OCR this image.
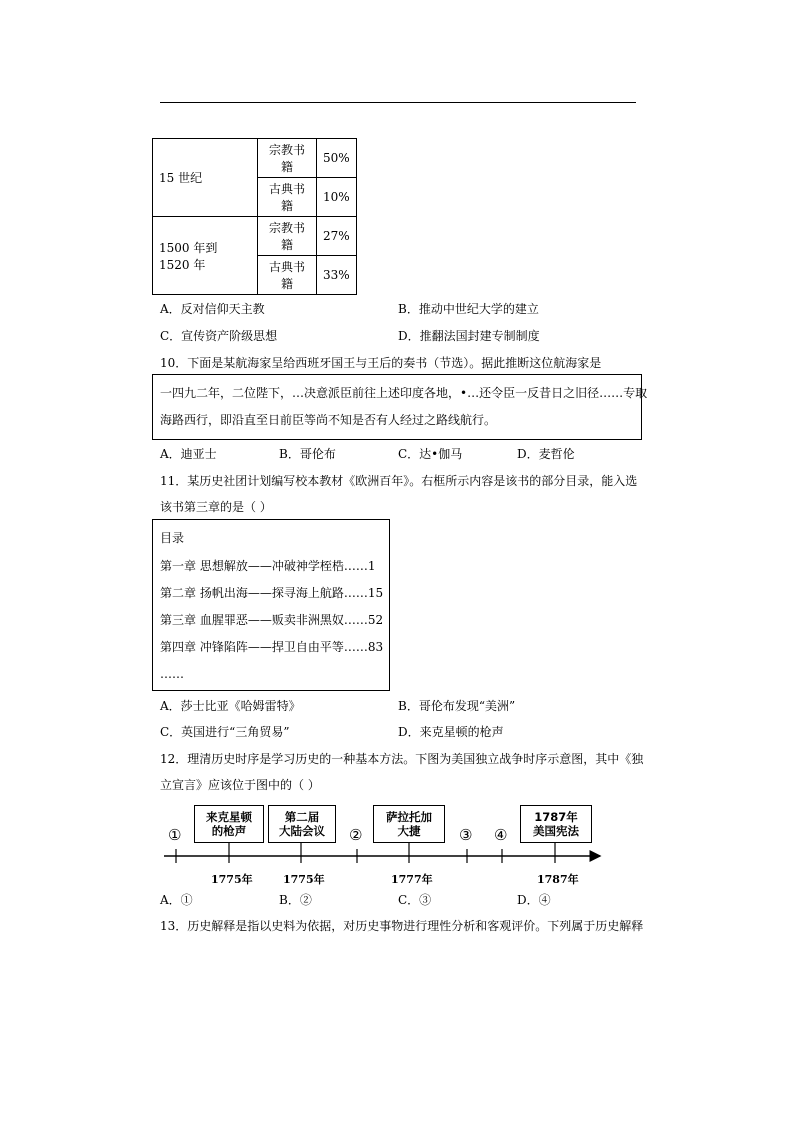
15 世纪	宗教书籍	50%
	古典书籍	10%
1500 年到 1520 年	宗教书籍	27%
	古典书籍	33%
A．反对信仰天主教	B．推动中世纪大学的建立
C．宣传资产阶级思想	D．推翻法国封建专制制度
10．下面是某航海家呈给西班牙国王与王后的奏书（节选）。据此推断这位航海家是
一四九二年，二位陛下，…决意派臣前往上述印度各地，•…还令臣一反昔日之旧径……专取
海路西行，即沿直至日前臣等尚不知是否有人经过之路线航行。
A．迪亚士	B．哥伦布	C．达•伽马	D．麦哲伦
11．某历史社团计划编写校本教材《欧洲百年》。右框所示内容是该书的部分目录，能入选
该书第三章的是（ ）
目录
第一章 思想解放——冲破神学桎梏……1
第二章 扬帆出海——探寻海上航路……15
第三章 血腥罪恶——贩卖非洲黑奴……52
第四章 冲锋陷阵——捍卫自由平等……83
……
A．莎士比亚《哈姆雷特》	B．哥伦布发现“美洲”
C．英国进行“三角贸易”	D．来克星顿的枪声
12．理清历史时序是学习历史的一种基本方法。下图为美国独立战争时序示意图，其中《独
立宣言》应该位于图中的（ ）
①	②	③ ④
来克星顿
的枪声
第二届
大陆会议
萨拉托加
大捷
1787年
美国宪法
1775年	1775年	1777年	1787年
A．①	B．②	C．③	D．④
13．历史解释是指以史料为依据，对历史事物进行理性分析和客观评价。下列属于历史解释
